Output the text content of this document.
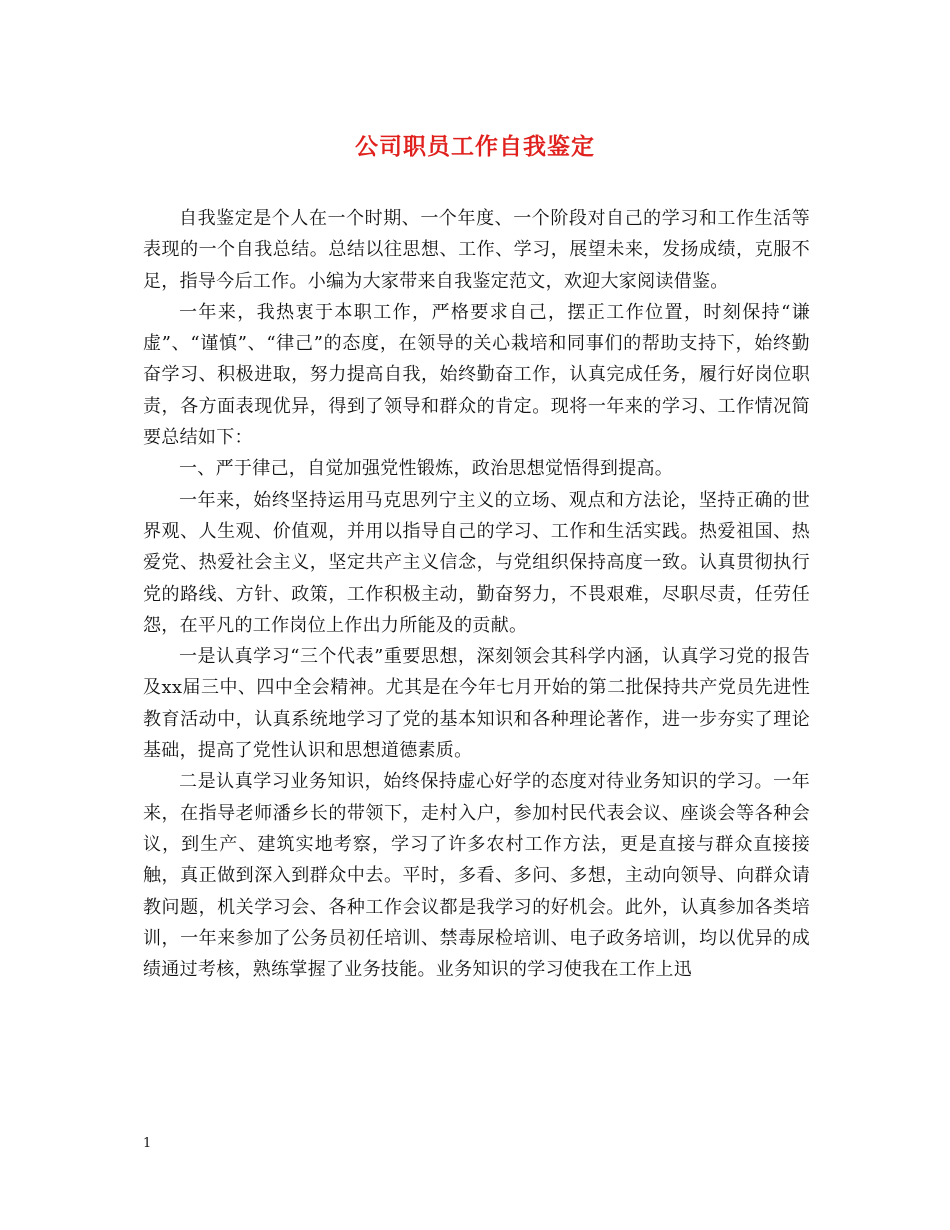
公司职员工作自我鉴定

自我鉴定是个人在一个时期、一个年度、一个阶段对自己的学习和工作生活等表现的一个自我总结。总结以往思想、工作、学习，展望未来，发扬成绩，克服不足，指导今后工作。小编为大家带来自我鉴定范文，欢迎大家阅读借鉴。

一年来，我热衷于本职工作，严格要求自己，摆正工作位置，时刻保持“谦虚”、“谨慎”、“律己”的态度，在领导的关心栽培和同事们的帮助支持下，始终勤奋学习、积极进取，努力提高自我，始终勤奋工作，认真完成任务，履行好岗位职责，各方面表现优异，得到了领导和群众的肯定。现将一年来的学习、工作情况简要总结如下：

一、严于律己，自觉加强党性锻炼，政治思想觉悟得到提高。

一年来，始终坚持运用马克思列宁主义的立场、观点和方法论，坚持正确的世界观、人生观、价值观，并用以指导自己的学习、工作和生活实践。热爱祖国、热爱党、热爱社会主义，坚定共产主义信念，与党组织保持高度一致。认真贯彻执行党的路线、方针、政策，工作积极主动，勤奋努力，不畏艰难，尽职尽责，任劳任怨，在平凡的工作岗位上作出力所能及的贡献。

一是认真学习“三个代表”重要思想，深刻领会其科学内涵，认真学习党的报告及xx届三中、四中全会精神。尤其是在今年七月开始的第二批保持共产党员先进性教育活动中，认真系统地学习了党的基本知识和各种理论著作，进一步夯实了理论基础，提高了党性认识和思想道德素质。

二是认真学习业务知识，始终保持虚心好学的态度对待业务知识的学习。一年来，在指导老师潘乡长的带领下，走村入户，参加村民代表会议、座谈会等各种会议，到生产、建筑实地考察，学习了许多农村工作方法，更是直接与群众直接接触，真正做到深入到群众中去。平时，多看、多问、多想，主动向领导、向群众请教问题，机关学习会、各种工作会议都是我学习的好机会。此外，认真参加各类培训，一年来参加了公务员初任培训、禁毒尿检培训、电子政务培训，均以优异的成绩通过考核，熟练掌握了业务技能。业务知识的学习使我在工作上迅

1
